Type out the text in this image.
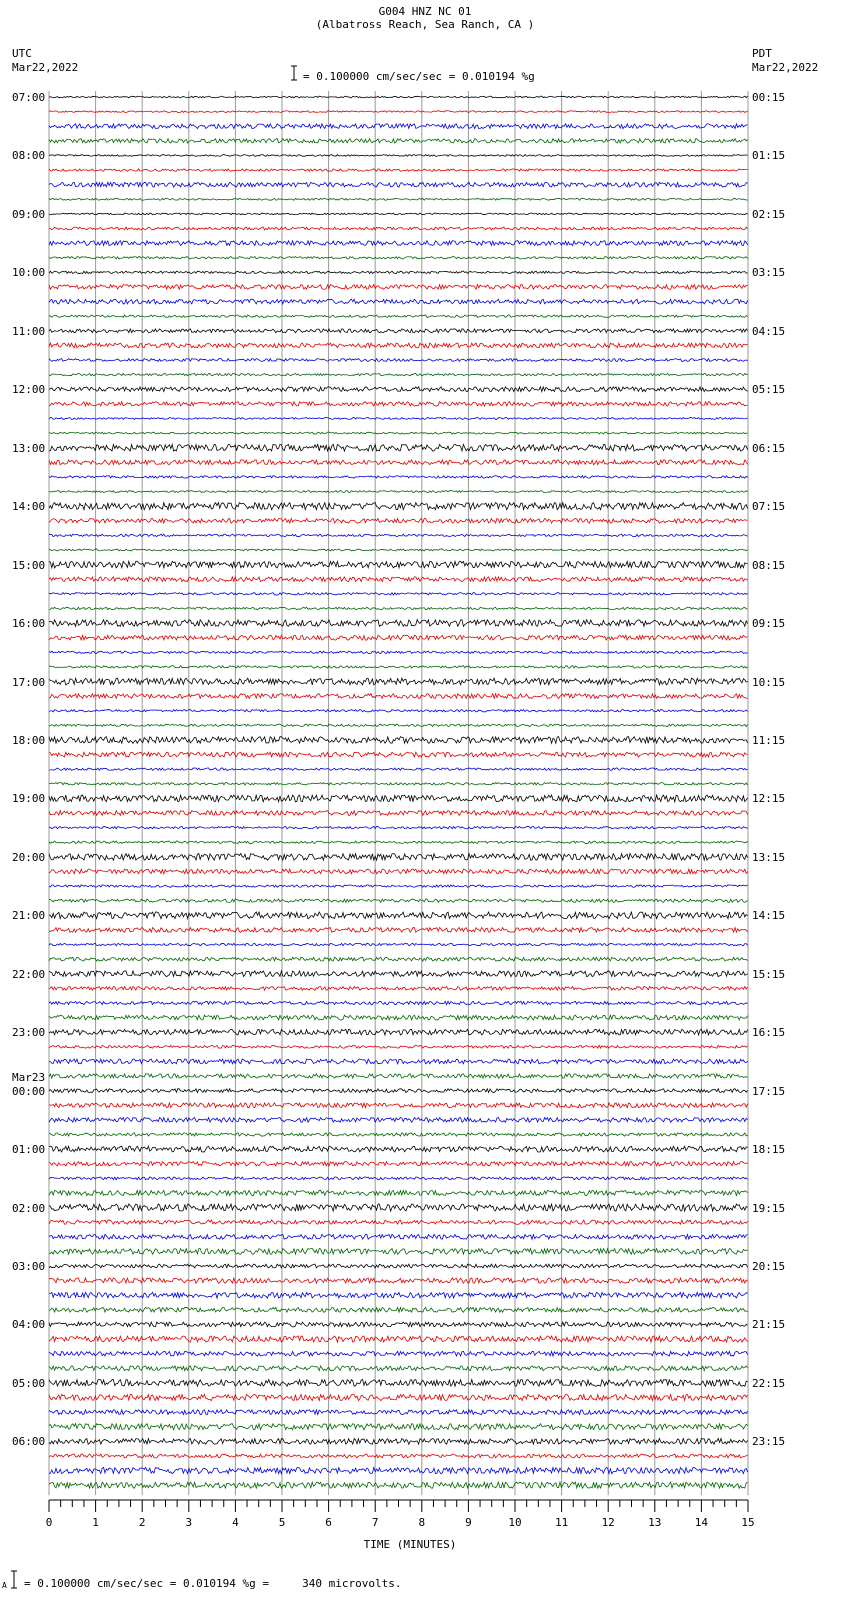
G004 HNZ NC 01
(Albatross Reach, Sea Ranch, CA )
UTC
Mar22,2022
PDT
Mar22,2022
= 0.100000 cm/sec/sec = 0.010194 %g
0	1	2	3	4	5	6	7	8	9	10	11	12	13	14	15
07:00	00:15
08:00	01:15
09:00	02:15
10:00	03:15
11:00	04:15
12:00	05:15
13:00	06:15
14:00	07:15
15:00	08:15
16:00	09:15
17:00	10:15
18:00	11:15
19:00	12:15
20:00	13:15
21:00	14:15
22:00	15:15
23:00	16:15
00:00	17:15
Mar23
01:00	18:15
02:00	19:15
03:00	20:15
04:00	21:15
05:00	22:15
06:00	23:15
TIME (MINUTES)
A = 0.100000 cm/sec/sec = 0.010194 %g =     340 microvolts.
